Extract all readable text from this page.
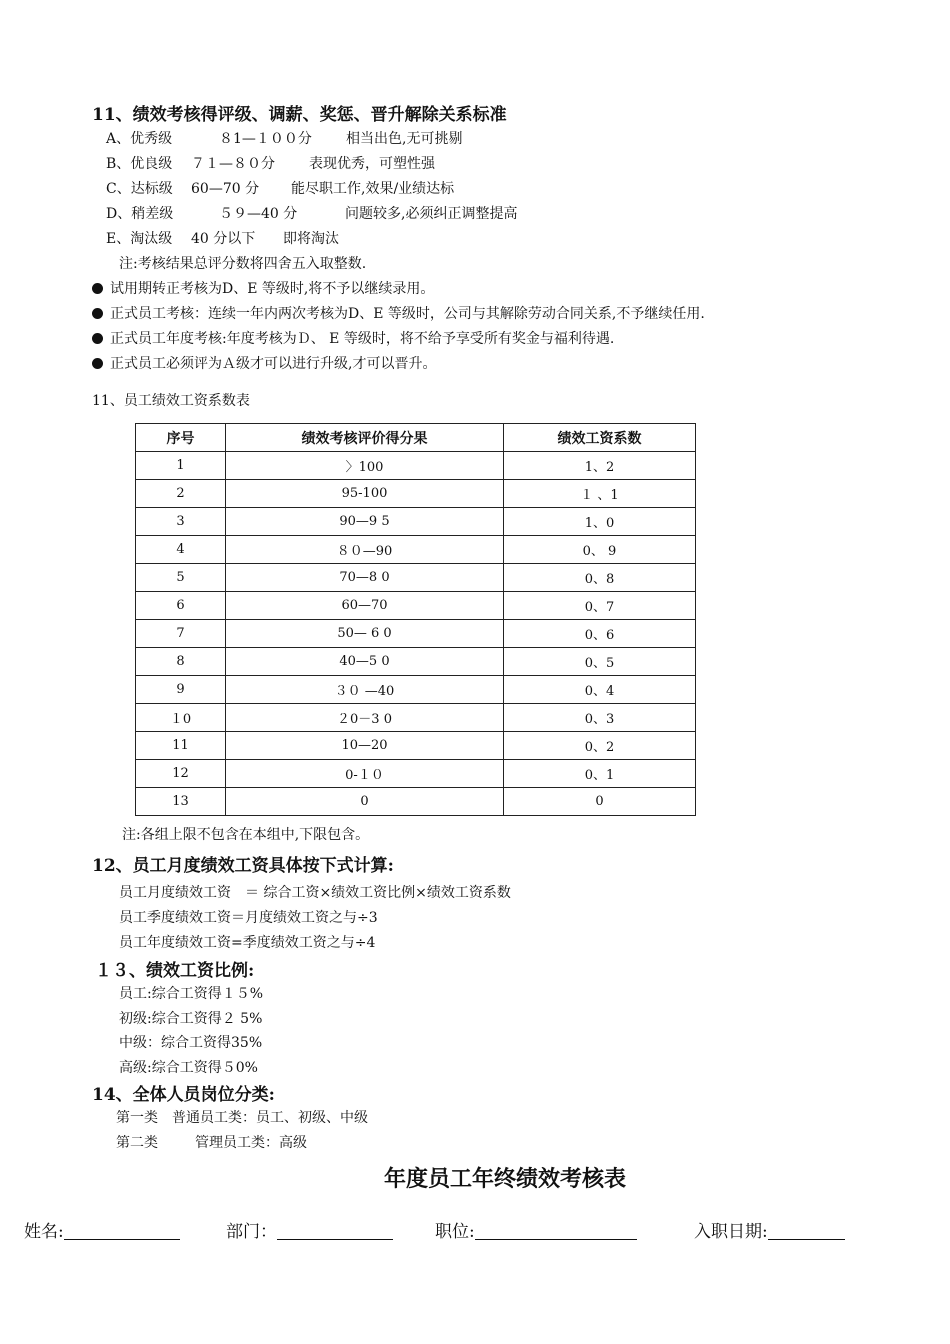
11、绩效考核得评级、调薪、奖惩、晋升解除关系标准
A、优秀级	８1—１００分 相当出色,无可挑剔
B、优良级 ７１—８０分 表现优秀，可塑性强
C、达标级 60—70 分 能尽职工作,效果/业绩达标
D、稍差级	５９—40 分	问题较多,必须纠正调整提高
E、淘汰级 40 分以下 即将淘汰
注:考核结果总评分数将四舍五入取整数.
试用期转正考核为D、E 等级时,将不予以继续录用。
正式员工考核：连续一年内两次考核为D、E 等级时，公司与其解除劳动合同关系,不予继续任用.
正式员工年度考核:年度考核为Ｄ、 E 等级时，将不给予享受所有奖金与福利待遇.
正式员工必须评为Ａ级才可以进行升级,才可以晋升。
11、员工绩效工资系数表
序号	绩效考核评价得分果	绩效工资系数
1	〉100	1、2
2	95-100	１ 、1
3	90—9 5	1、0
4	８０—90	0、 9
5	70—8 0	0、8
6	60—70	0、7
7	50— 6 0	0、6
8	40—5 0	0、5
9	３０ —40	0、4
１0	２0－3 0	0、3
11	10—20	0、2
12	0-１０	0、1
13	0	0
注:各组上限不包含在本组中,下限包含。
12、员工月度绩效工资具体按下式计算:
员工月度绩效工资　＝ 综合工资×绩效工资比例×绩效工资系数
员工季度绩效工资＝月度绩效工资之与÷3
员工年度绩效工资=季度绩效工资之与÷4
１３、绩效工资比例:
员工:综合工资得１５%
初级:综合工资得２ 5%
中级：综合工资得35%
高级:综合工资得５0%
14、全体人员岗位分类:
第一类 普通员工类：员工、初级、中级
第二类	管理员工类：高级
年度员工年终绩效考核表
姓名:	部门：	职位:	入职日期:
